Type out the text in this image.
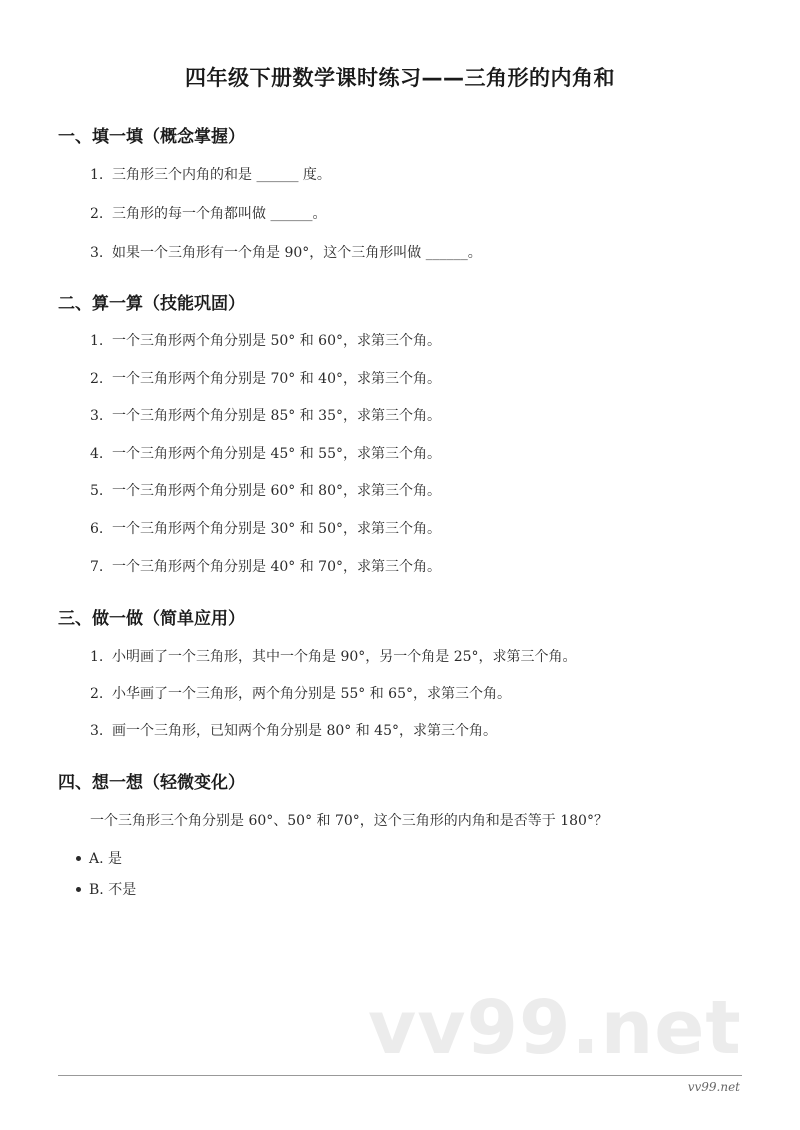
四年级下册数学课时练习——三角形的内角和
一、填一填（概念掌握）
1. 三角形三个内角的和是 ______ 度。
2. 三角形的每一个角都叫做 ______。
3. 如果一个三角形有一个角是 90°，这个三角形叫做 ______。
二、算一算（技能巩固）
1. 一个三角形两个角分别是 50° 和 60°，求第三个角。
2. 一个三角形两个角分别是 70° 和 40°，求第三个角。
3. 一个三角形两个角分别是 85° 和 35°，求第三个角。
4. 一个三角形两个角分别是 45° 和 55°，求第三个角。
5. 一个三角形两个角分别是 60° 和 80°，求第三个角。
6. 一个三角形两个角分别是 30° 和 50°，求第三个角。
7. 一个三角形两个角分别是 40° 和 70°，求第三个角。
三、做一做（简单应用）
1. 小明画了一个三角形，其中一个角是 90°，另一个角是 25°，求第三个角。
2. 小华画了一个三角形，两个角分别是 55° 和 65°，求第三个角。
3. 画一个三角形，已知两个角分别是 80° 和 45°，求第三个角。
四、想一想（轻微变化）
一个三角形三个角分别是 60°、50° 和 70°，这个三角形的内角和是否等于 180°？
A. 是
B. 不是
vv99.net
vv99.net
